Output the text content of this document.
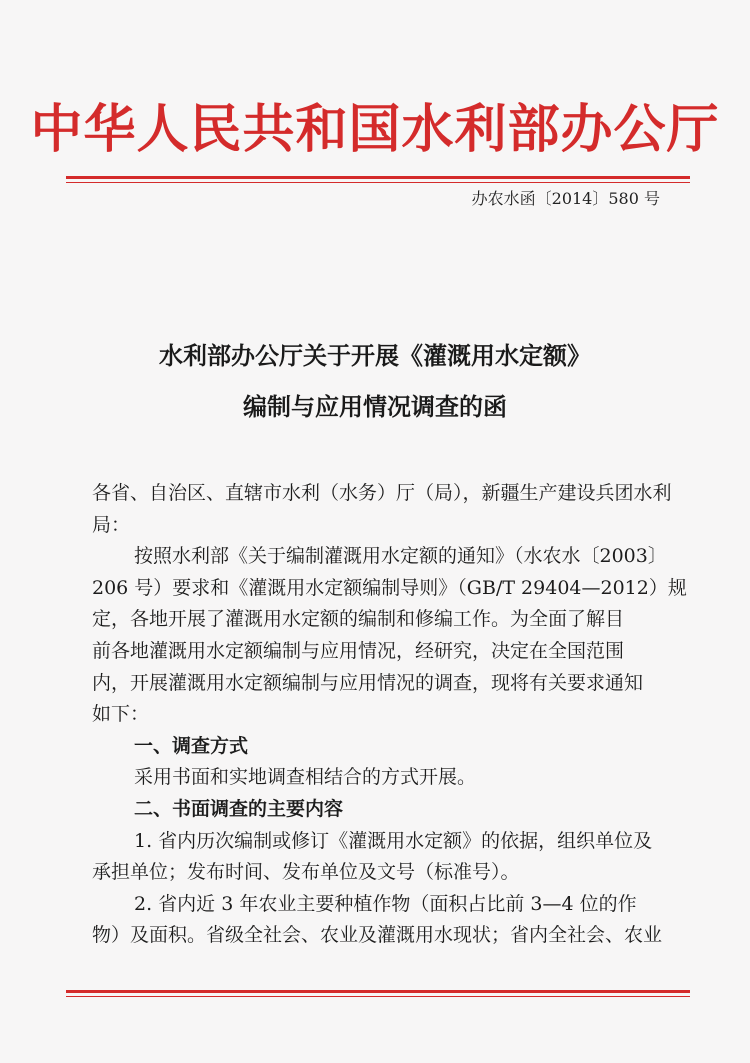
中华人民共和国水利部办公厅
办农水函〔2014〕580 号
水利部办公厅关于开展《灌溉用水定额》
编制与应用情况调查的函
各省、自治区、直辖市水利（水务）厅（局），新疆生产建设兵团水利
局：
按照水利部《关于编制灌溉用水定额的通知》（水农水〔2003〕
206 号）要求和《灌溉用水定额编制导则》（GB/T 29404—2012）规
定，各地开展了灌溉用水定额的编制和修编工作。为全面了解目
前各地灌溉用水定额编制与应用情况，经研究，决定在全国范围
内，开展灌溉用水定额编制与应用情况的调查，现将有关要求通知
如下：
一、调查方式
采用书面和实地调查相结合的方式开展。
二、书面调查的主要内容
1. 省内历次编制或修订《灌溉用水定额》的依据，组织单位及
承担单位；发布时间、发布单位及文号（标准号）。
2. 省内近 3 年农业主要种植作物（面积占比前 3—4 位的作
物）及面积。省级全社会、农业及灌溉用水现状；省内全社会、农业
